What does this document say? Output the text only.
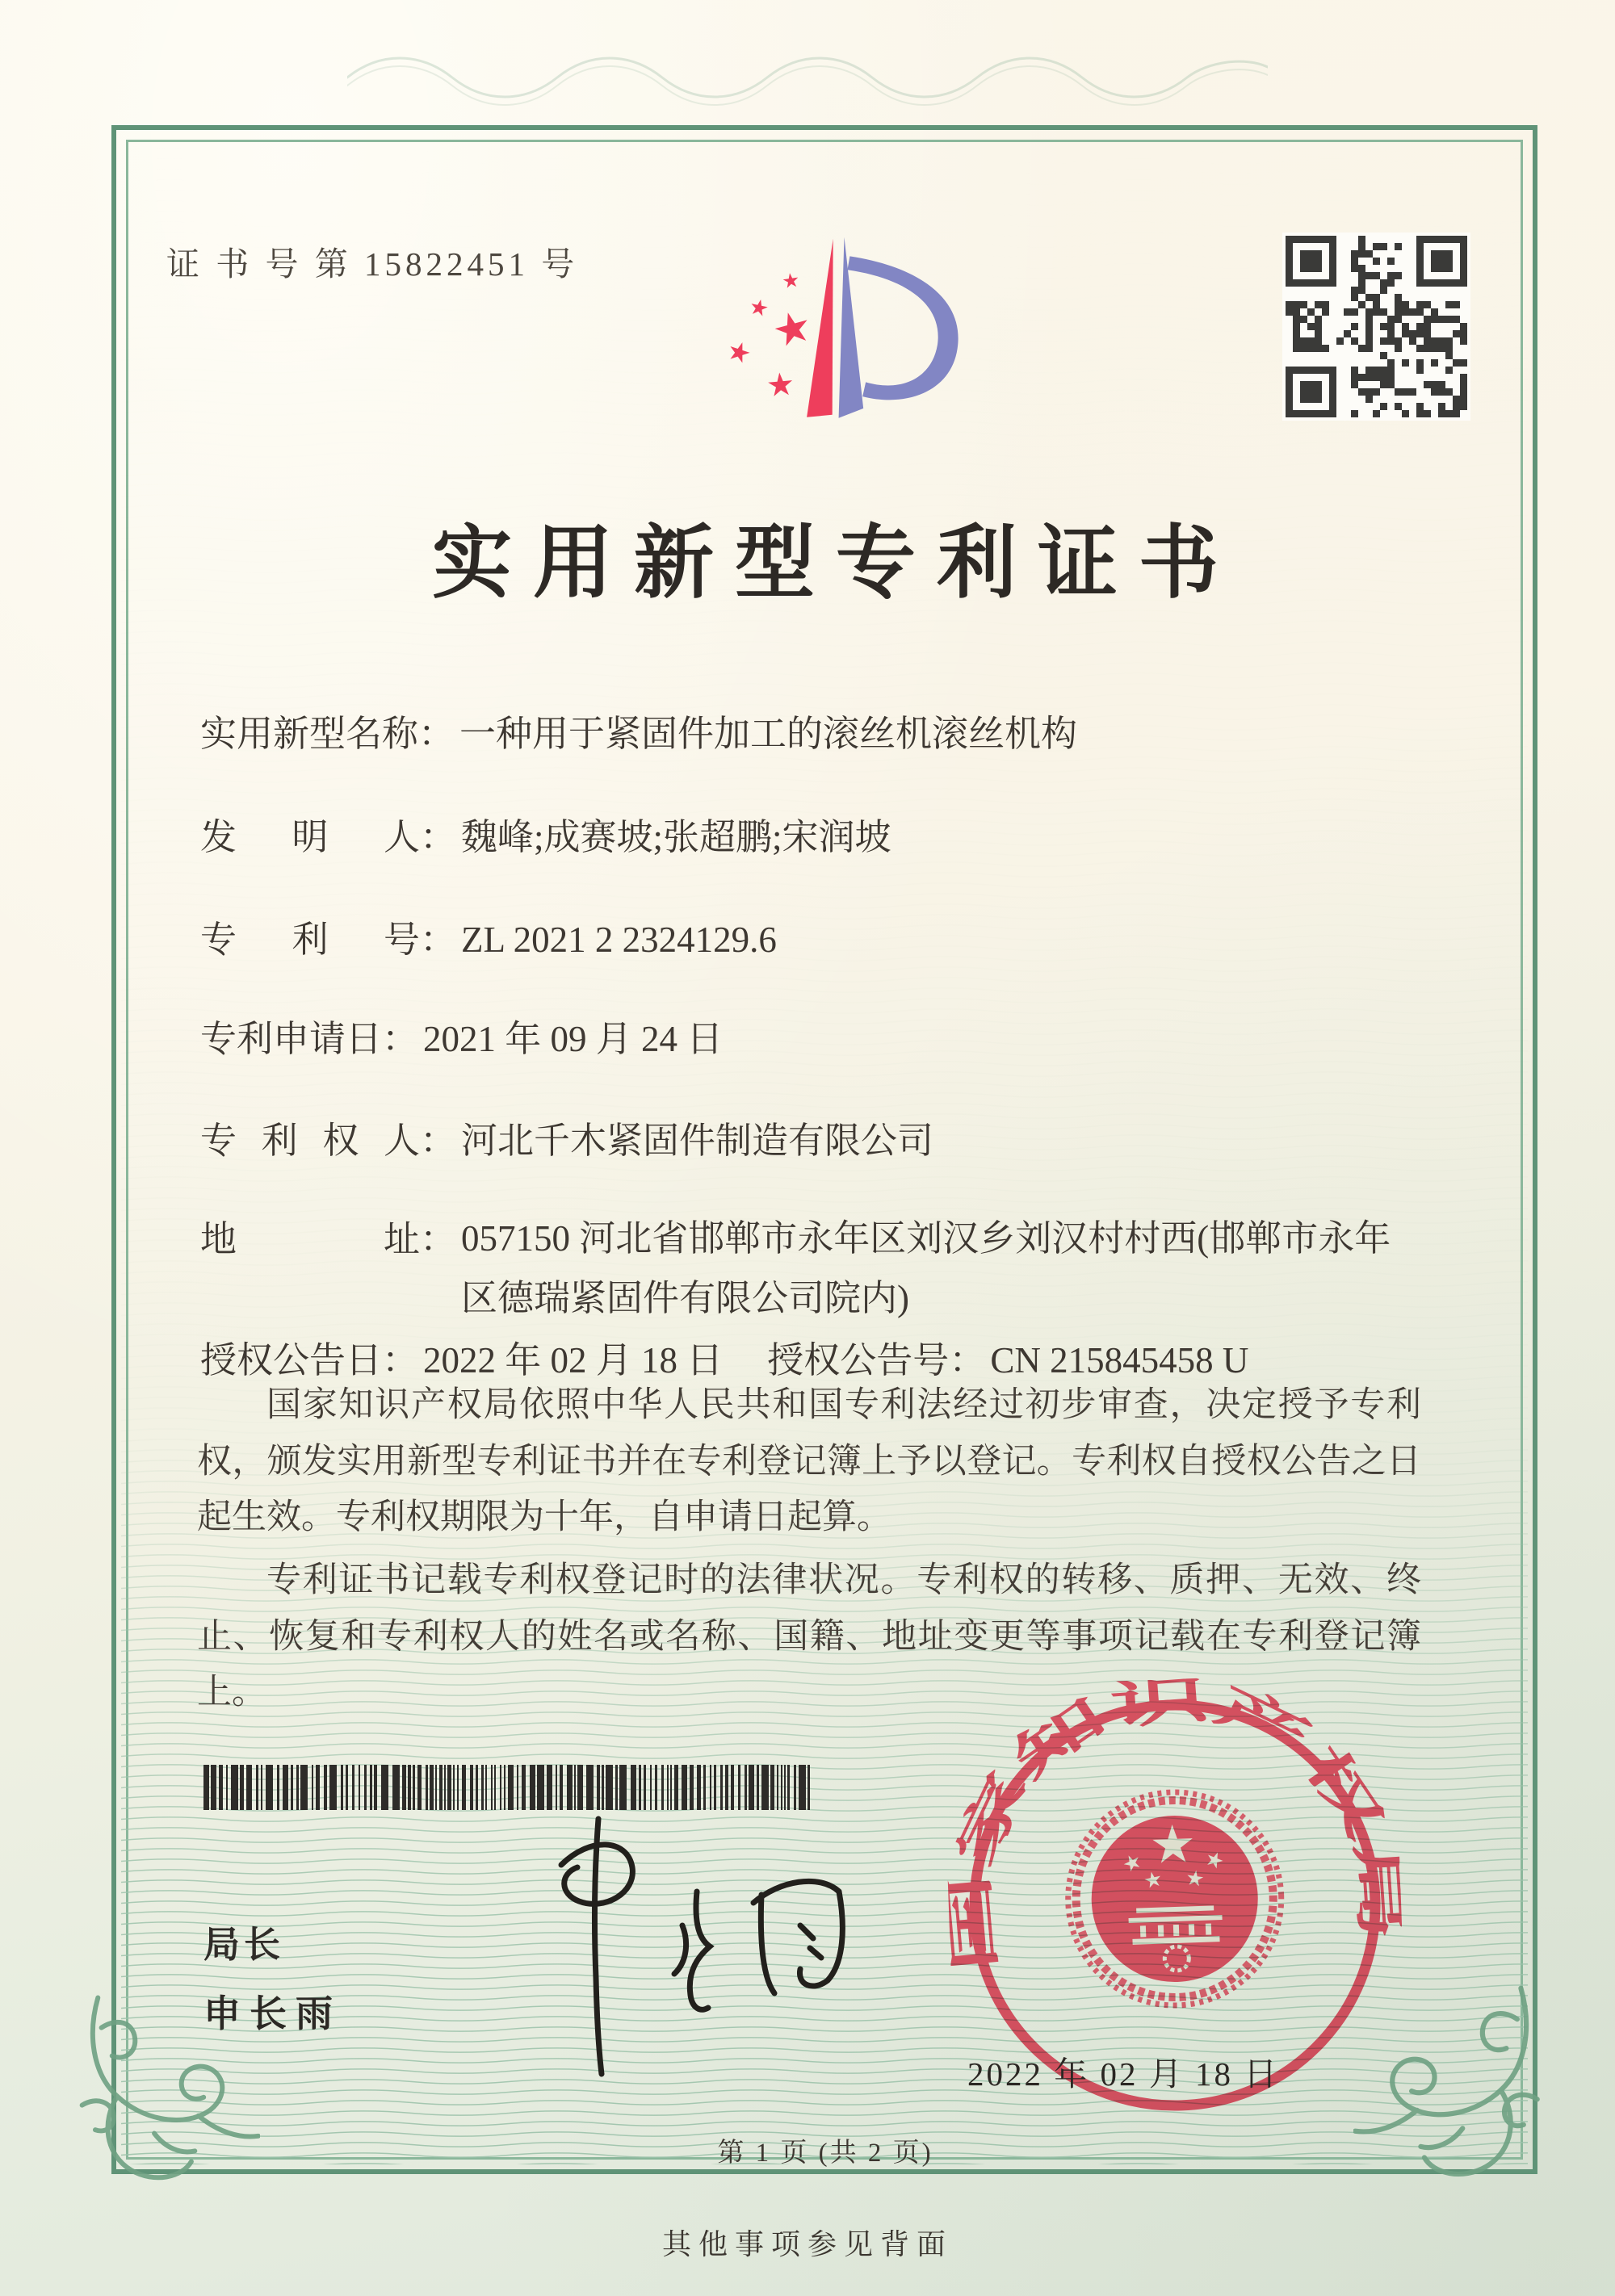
证 书 号 第 15822451 号
实用新型专利证书
实用新型名称： 一种用于紧固件加工的滚丝机滚丝机构
发明人： 魏峰;成赛坡;张超鹏;宋润坡
专利号： ZL 2021 2 2324129.6
专利申请日： 2021 年 09 月 24 日
专利权人： 河北千木紧固件制造有限公司
地址 ： 057150 河北省邯郸市永年区刘汉乡刘汉村村西(邯郸市永年区德瑞紧固件有限公司院内)
授权公告日： 2022 年 02 月 18 日 授权公告号： CN 215845458 U

国家知识产权局依照中华人民共和国专利法经过初步审查，决定授予专利权，颁发实用新型专利证书并在专利登记簿上予以登记。专利权自授权公告之日起生效。专利权期限为十年，自申请日起算。

专利证书记载专利权登记时的法律状况。专利权的转移、质押、无效、终止、恢复和专利权人的姓名或名称、国籍、地址变更等事项记载在专利登记簿上。

局长
申长雨
国家知识产权局
2022 年 02 月 18 日
第 1 页 (共 2 页)
其他事项参见背面
